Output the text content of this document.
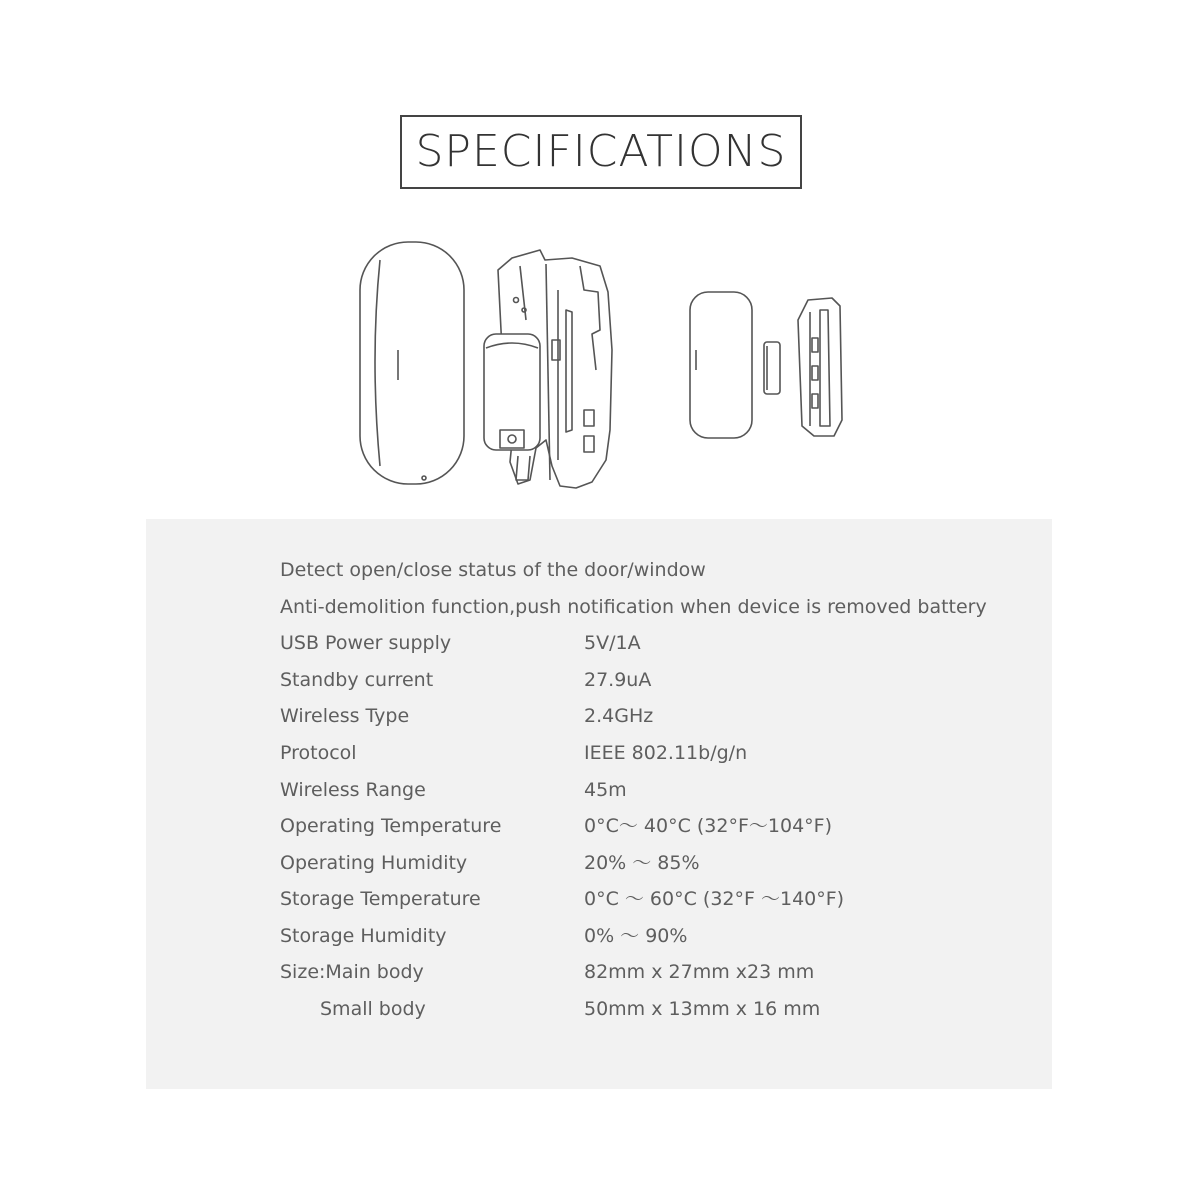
SPECIFICATIONS
Detect open/close status of the door/window
Anti-demolition function,push notification when device is removed battery
USB Power supply	5V/1A
Standby current	27.9uA
Wireless Type	2.4GHz
Protocol	IEEE 802.11b/g/n
Wireless Range	45m
Operating Temperature	0°C～ 40°C (32°F～104°F)
Operating Humidity	20% ～ 85%
Storage Temperature	0°C ～ 60°C (32°F ～140°F)
Storage Humidity	0% ～ 90%
Size:Main body	82mm x 27mm x23 mm
Small body	50mm x 13mm x 16 mm
